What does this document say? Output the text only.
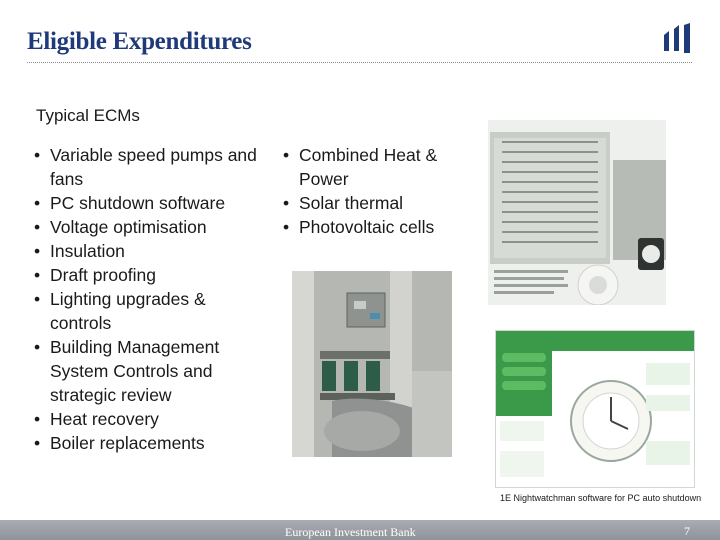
Eligible Expenditures
Typical ECMs
• Variable speed pumps and fans
• PC shutdown software
• Voltage optimisation
• Insulation
• Draft proofing
• Lighting upgrades & controls
• Building Management System Controls and strategic review
• Heat recovery
• Boiler replacements
• Combined Heat & Power
• Solar thermal
• Photovoltaic cells
1E Nightwatchman software for PC auto shutdown
European Investment Bank	7
